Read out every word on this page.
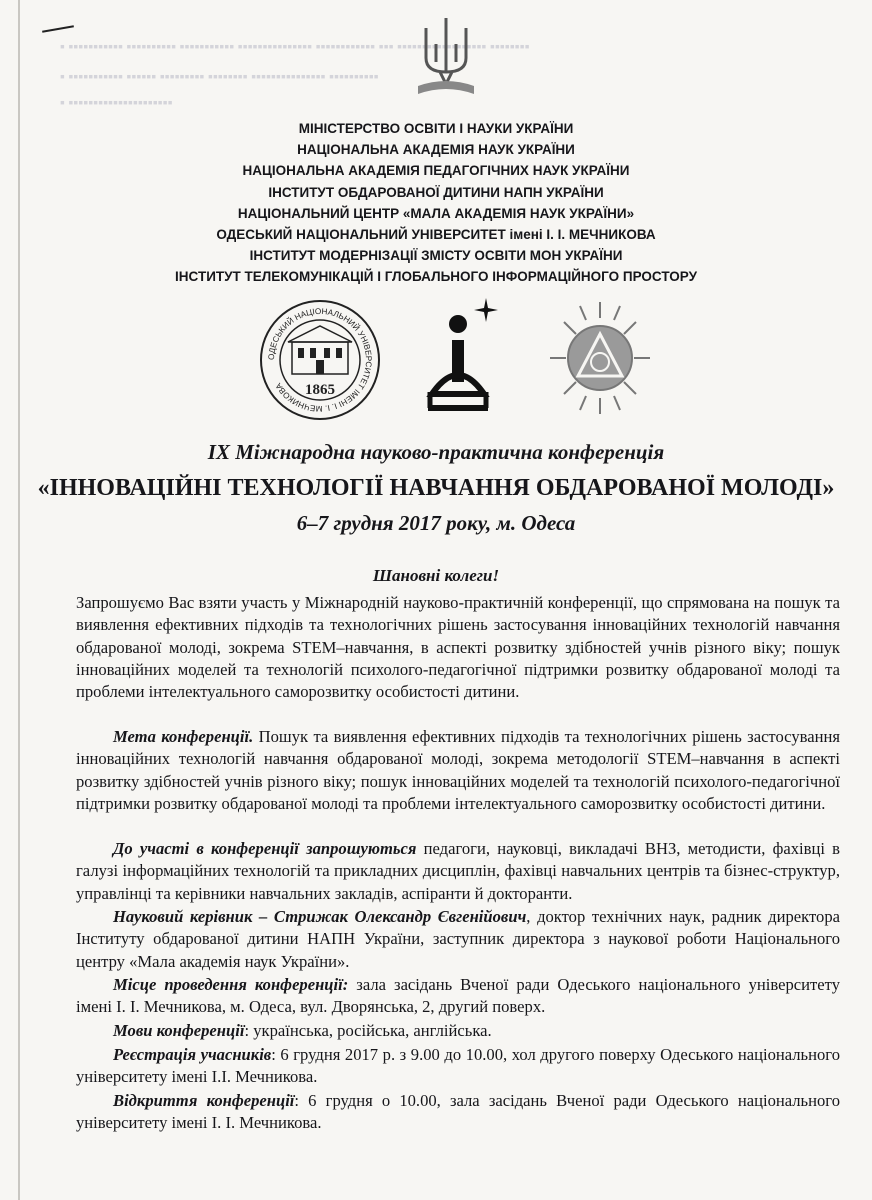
▪ ▪▪▪▪▪▪▪▪▪▪▪ ▪▪▪▪▪▪▪▪▪▪ ▪▪▪▪▪▪▪▪▪▪▪ ▪▪▪▪▪▪▪▪▪▪▪▪▪▪▪ ▪▪▪▪▪▪▪▪▪▪▪▪ ▪▪▪ ▪▪▪▪▪▪▪▪▪▪▪▪▪▪▪▪▪▪ ▪▪▪▪▪▪▪▪
▪ ▪▪▪▪▪▪▪▪▪▪▪ ▪▪▪▪▪▪ ▪▪▪▪▪▪▪▪▪ ▪▪▪▪▪▪▪▪ ▪▪▪▪▪▪▪▪▪▪▪▪▪▪▪ ▪▪▪▪▪▪▪▪▪▪
▪ ▪▪▪▪▪▪▪▪▪▪▪▪▪▪▪▪▪▪▪▪▪
МІНІСТЕРСТВО ОСВІТИ І НАУКИ УКРАЇНИ
НАЦІОНАЛЬНА АКАДЕМІЯ НАУК УКРАЇНИ
НАЦІОНАЛЬНА АКАДЕМІЯ ПЕДАГОГІЧНИХ НАУК УКРАЇНИ
ІНСТИТУТ ОБДАРОВАНОЇ ДИТИНИ НАПН УКРАЇНИ
НАЦІОНАЛЬНИЙ ЦЕНТР «МАЛА АКАДЕМІЯ НАУК УКРАЇНИ»
ОДЕСЬКИЙ НАЦІОНАЛЬНИЙ УНІВЕРСИТЕТ імені І. І. МЕЧНИКОВА
ІНСТИТУТ МОДЕРНІЗАЦІЇ ЗМІСТУ ОСВІТИ МОН УКРАЇНИ
ІНСТИТУТ ТЕЛЕКОМУНІКАЦІЙ І ГЛОБАЛЬНОГО ІНФОРМАЦІЙНОГО ПРОСТОРУ
ОДЕСЬКИЙ НАЦІОНАЛЬНИЙ УНІВЕРСИТЕТ ІМЕНІ І. І. МЕЧНИКОВА	1865
IX Міжнародна науково-практична конференція
«ІННОВАЦІЙНІ ТЕХНОЛОГІЇ НАВЧАННЯ ОБДАРОВАНОЇ МОЛОДІ»
6–7 грудня 2017 року, м. Одеса
Шановні колеги!
Запрошуємо Вас взяти участь у Міжнародній науково-практичній конференції, що спрямована на пошук та виявлення ефективних підходів та технологічних рішень застосування інноваційних технологій навчання обдарованої молоді, зокрема STEM–навчання, в аспекті розвитку здібностей учнів різного віку; пошук інноваційних моделей та технологій психолого-педагогічної підтримки розвитку обдарованої молоді та проблеми інтелектуального саморозвитку особистості дитини.
Мета конференції. Пошук та виявлення ефективних підходів та технологічних рішень застосування інноваційних технологій навчання обдарованої молоді, зокрема методології STEM–навчання в аспекті розвитку здібностей учнів різного віку; пошук інноваційних моделей та технологій психолого-педагогічної підтримки розвитку обдарованої молоді та проблеми інтелектуального саморозвитку особистості дитини.
До участі в конференції запрошуються педагоги, науковці, викладачі ВНЗ, методисти, фахівці в галузі інформаційних технологій та прикладних дисциплін, фахівці навчальних центрів та бізнес-структур, управлінці та керівники навчальних закладів, аспіранти й докторанти.
Науковий керівник – Стрижак Олександр Євгенійович, доктор технічних наук, радник директора Інституту обдарованої дитини НАПН України, заступник директора з наукової роботи Національного центру «Мала академія наук України».
Місце проведення конференції: зала засідань Вченої ради Одеського національного університету імені І. І. Мечникова, м. Одеса, вул. Дворянська, 2, другий поверх.
Мови конференції: українська, російська, англійська.
Реєстрація учасників: 6 грудня 2017 р. з 9.00 до 10.00, хол другого поверху Одеського національного університету імені І.І. Мечникова.
Відкриття конференції: 6 грудня о 10.00, зала засідань Вченої ради Одеського національного університету імені І. І. Мечникова.
